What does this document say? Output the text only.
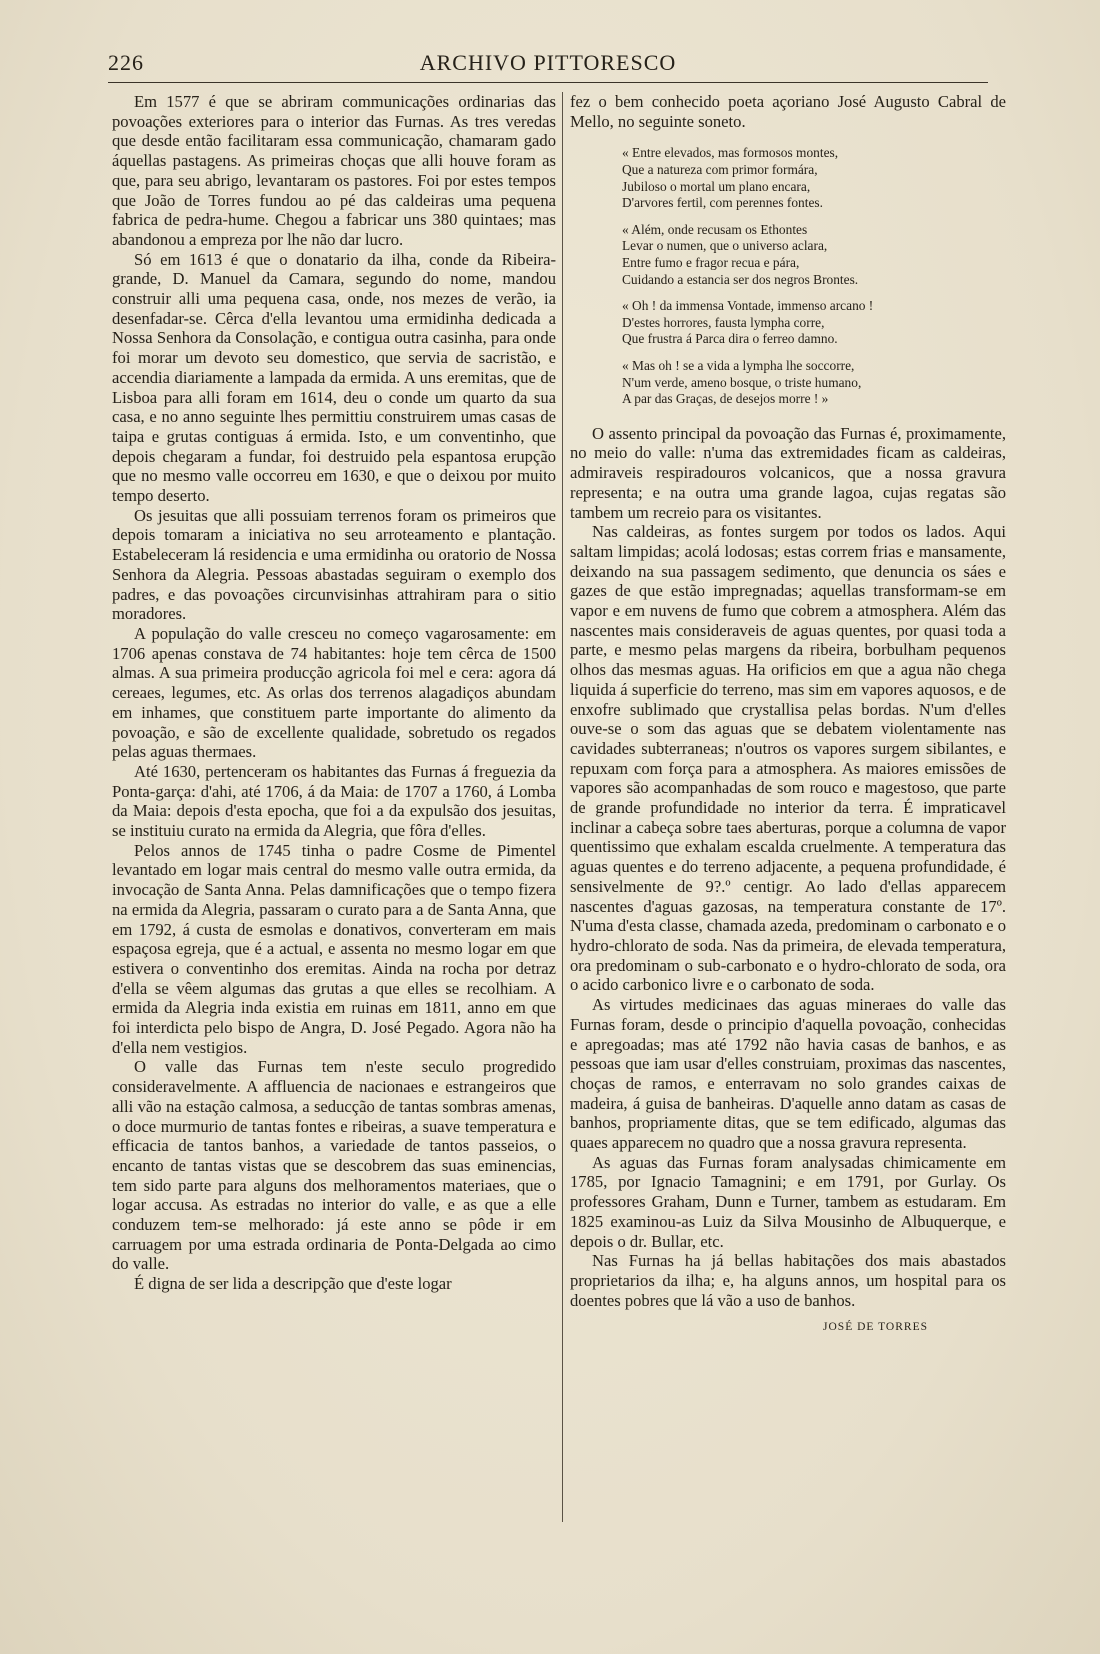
226	ARCHIVO PITTORESCO

Em 1577 é que se abriram communicações ordinarias das povoações exteriores para o interior das Furnas. As tres veredas que desde então facilitaram essa communicação, chamaram gado áquellas pastagens. As primeiras choças que alli houve foram as que, para seu abrigo, levantaram os pastores. Foi por estes tempos que João de Torres fundou ao pé das caldeiras uma pequena fabrica de pedra-hume. Chegou a fabricar uns 380 quintaes; mas abandonou a empreza por lhe não dar lucro.

Só em 1613 é que o donatario da ilha, conde da Ribeira-grande, D. Manuel da Camara, segundo do nome, mandou construir alli uma pequena casa, onde, nos mezes de verão, ia desenfadar-se. Cêrca d'ella levantou uma ermidinha dedicada a Nossa Senhora da Consolação, e contigua outra casinha, para onde foi morar um devoto seu domestico, que servia de sacristão, e accendia diariamente a lampada da ermida. A uns eremitas, que de Lisboa para alli foram em 1614, deu o conde um quarto da sua casa, e no anno seguinte lhes permittiu construirem umas casas de taipa e grutas contiguas á ermida. Isto, e um conventinho, que depois chegaram a fundar, foi destruido pela espantosa erupção que no mesmo valle occorreu em 1630, e que o deixou por muito tempo deserto.

Os jesuitas que alli possuiam terrenos foram os primeiros que depois tomaram a iniciativa no seu arroteamento e plantação. Estabeleceram lá residencia e uma ermidinha ou oratorio de Nossa Senhora da Alegria. Pessoas abastadas seguiram o exemplo dos padres, e das povoações circunvisinhas attrahiram para o sitio moradores.

A população do valle cresceu no começo vagarosamente: em 1706 apenas constava de 74 habitantes: hoje tem cêrca de 1500 almas. A sua primeira producção agricola foi mel e cera: agora dá cereaes, legumes, etc. As orlas dos terrenos alagadiços abundam em inhames, que constituem parte importante do alimento da povoação, e são de excellente qualidade, sobretudo os regados pelas aguas thermaes.

Até 1630, pertenceram os habitantes das Furnas á freguezia da Ponta-garça: d'ahi, até 1706, á da Maia: de 1707 a 1760, á Lomba da Maia: depois d'esta epocha, que foi a da expulsão dos jesuitas, se instituiu curato na ermida da Alegria, que fôra d'elles.

Pelos annos de 1745 tinha o padre Cosme de Pimentel levantado em logar mais central do mesmo valle outra ermida, da invocação de Santa Anna. Pelas damnificações que o tempo fizera na ermida da Alegria, passaram o curato para a de Santa Anna, que em 1792, á custa de esmolas e donativos, converteram em mais espaçosa egreja, que é a actual, e assenta no mesmo logar em que estivera o conventinho dos eremitas. Ainda na rocha por detraz d'ella se vêem algumas das grutas a que elles se recolhiam. A ermida da Alegria inda existia em ruinas em 1811, anno em que foi interdicta pelo bispo de Angra, D. José Pegado. Agora não ha d'ella nem vestigios.

O valle das Furnas tem n'este seculo progredido consideravelmente. A affluencia de nacionaes e estrangeiros que alli vão na estação calmosa, a seducção de tantas sombras amenas, o doce murmurio de tantas fontes e ribeiras, a suave temperatura e efficacia de tantos banhos, a variedade de tantos passeios, o encanto de tantas vistas que se descobrem das suas eminencias, tem sido parte para alguns dos melhoramentos materiaes, que o logar accusa. As estradas no interior do valle, e as que a elle conduzem tem-se melhorado: já este anno se pôde ir em carruagem por uma estrada ordinaria de Ponta-Delgada ao cimo do valle.

É digna de ser lida a descripção que d'este logar

fez o bem conhecido poeta açoriano José Augusto Cabral de Mello, no seguinte soneto.

« Entre elevados, mas formosos montes,
Que a natureza com primor formára,
Jubiloso o mortal um plano encara,
D'arvores fertil, com perennes fontes.
« Além, onde recusam os Ethontes
Levar o numen, que o universo aclara,
Entre fumo e fragor recua e pára,
Cuidando a estancia ser dos negros Brontes.
« Oh ! da immensa Vontade, immenso arcano !
D'estes horrores, fausta lympha corre,
Que frustra á Parca dira o ferreo damno.
« Mas oh ! se a vida a lympha lhe soccorre,
N'um verde, ameno bosque, o triste humano,
A par das Graças, de desejos morre ! »

O assento principal da povoação das Furnas é, proximamente, no meio do valle: n'uma das extremidades ficam as caldeiras, admiraveis respiradouros volcanicos, que a nossa gravura representa; e na outra uma grande lagoa, cujas regatas são tambem um recreio para os visitantes.

Nas caldeiras, as fontes surgem por todos os lados. Aqui saltam limpidas; acolá lodosas; estas correm frias e mansamente, deixando na sua passagem sedimento, que denuncia os sáes e gazes de que estão impregnadas; aquellas transformam-se em vapor e em nuvens de fumo que cobrem a atmosphera. Além das nascentes mais consideraveis de aguas quentes, por quasi toda a parte, e mesmo pelas margens da ribeira, borbulham pequenos olhos das mesmas aguas. Ha orificios em que a agua não chega liquida á superficie do terreno, mas sim em vapores aquosos, e de enxofre sublimado que crystallisa pelas bordas. N'um d'elles ouve-se o som das aguas que se debatem violentamente nas cavidades subterraneas; n'outros os vapores surgem sibilantes, e repuxam com força para a atmosphera. As maiores emissões de vapores são acompanhadas de som rouco e magestoso, que parte de grande profundidade no interior da terra. É impraticavel inclinar a cabeça sobre taes aberturas, porque a columna de vapor quentissimo que exhalam escalda cruelmente. A temperatura das aguas quentes e do terreno adjacente, a pequena profundidade, é sensivelmente de 9?.º centigr. Ao lado d'ellas apparecem nascentes d'aguas gazosas, na temperatura constante de 17º. N'uma d'esta classe, chamada azeda, predominam o carbonato e o hydro-chlorato de soda. Nas da primeira, de elevada temperatura, ora predominam o sub-carbonato e o hydro-chlorato de soda, ora o acido carbonico livre e o carbonato de soda.

As virtudes medicinaes das aguas mineraes do valle das Furnas foram, desde o principio d'aquella povoação, conhecidas e apregoadas; mas até 1792 não havia casas de banhos, e as pessoas que iam usar d'elles construiam, proximas das nascentes, choças de ramos, e enterravam no solo grandes caixas de madeira, á guisa de banheiras. D'aquelle anno datam as casas de banhos, propriamente ditas, que se tem edificado, algumas das quaes apparecem no quadro que a nossa gravura representa.

As aguas das Furnas foram analysadas chimicamente em 1785, por Ignacio Tamagnini; e em 1791, por Gurlay. Os professores Graham, Dunn e Turner, tambem as estudaram. Em 1825 examinou-as Luiz da Silva Mousinho de Albuquerque, e depois o dr. Bullar, etc.

Nas Furnas ha já bellas habitações dos mais abastados proprietarios da ilha; e, ha alguns annos, um hospital para os doentes pobres que lá vão a uso de banhos.

JOSÉ DE TORRES
